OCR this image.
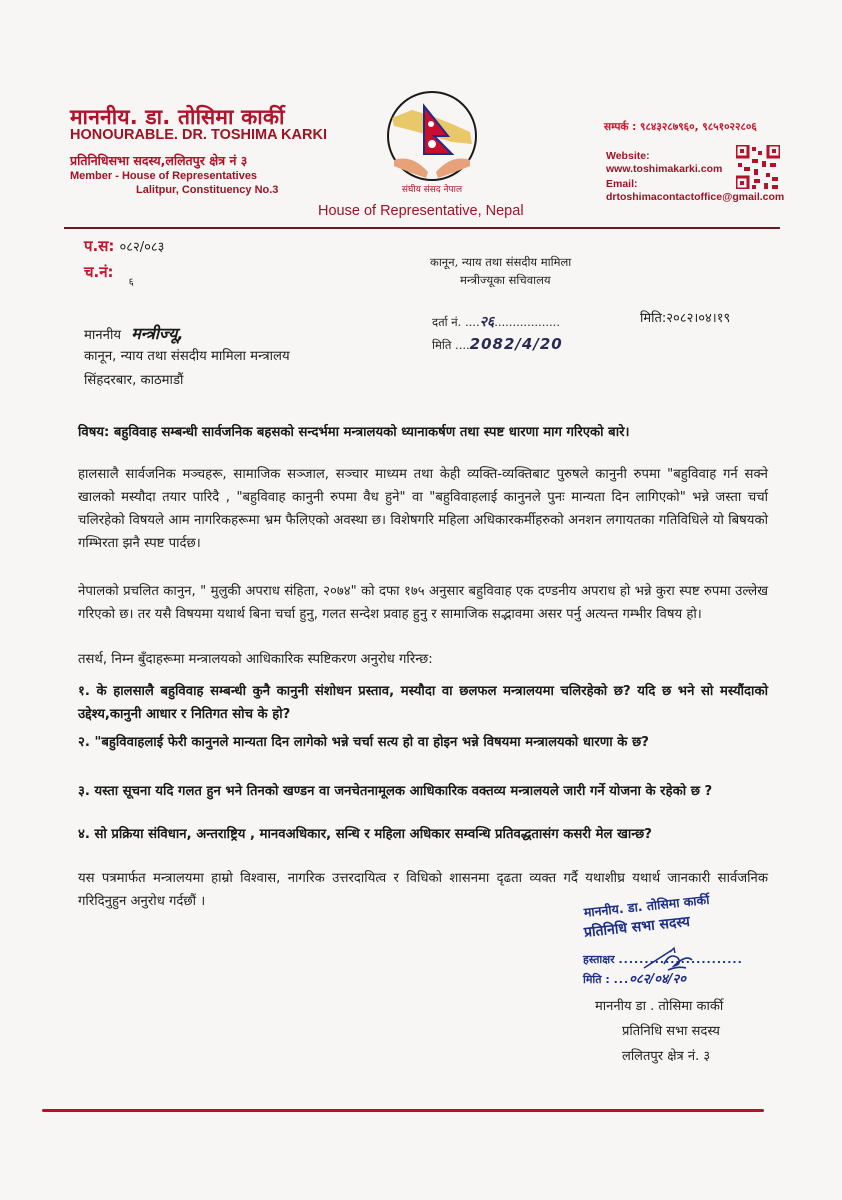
माननीय. डा. तोसिमा कार्की
HONOURABLE. DR. TOSHIMA KARKI
प्रतिनिधिसभा सदस्य,ललितपुर क्षेत्र नं ३
Member - House of Representatives
Lalitpur, Constituency No.3	संघीय संसद नेपाल
House of Representative, Nepal
सम्पर्क : ९८४३२८७९६०, ९८५१०२२८०६
Website:
www.toshimakarki.com
Email:
drtoshimacontactoffice@gmail.com
प.स: ०८२/०८३
च.नं: $_६$
कानून, न्याय तथा संसदीय मामिला
मन्त्रीज्यूका सचिवालय
दर्ता नं. ....२६..................
मिति ....2082/4/20
मिति:२०८२।०४।१९
माननीय मन्त्रीज्यू,
कानून, न्याय तथा संसदीय मामिला मन्त्रालय
सिंहदरबार, काठमाडौं
विषय: बहुविवाह सम्बन्धी सार्वजनिक बहसको सन्दर्भमा मन्त्रालयको ध्यानाकर्षण तथा स्पष्ट धारणा माग गरिएको बारे।
हालसालै सार्वजनिक मञ्चहरू, सामाजिक सञ्जाल, सञ्चार माध्यम तथा केही व्यक्ति-व्यक्तिबाट पुरुषले कानुनी रुपमा "बहुविवाह गर्न सक्ने खालको मस्यौदा तयार पारिदै , "बहुविवाह कानुनी रुपमा वैध हुने" वा "बहुविवाहलाई कानुनले पुनः मान्यता दिन लागिएको" भन्ने जस्ता चर्चा चलिरहेको विषयले आम नागरिकहरूमा भ्रम फैलिएको अवस्था छ। विशेषगरि महिला अधिकारकर्मीहरुको अनशन लगायतका गतिविधिले यो बिषयको गम्भिरता झनै स्पष्ट पार्दछ।
नेपालको प्रचलित कानुन, " मुलुकी अपराध संहिता, २०७४" को दफा १७५ अनुसार बहुविवाह एक दण्डनीय अपराध हो भन्ने कुरा स्पष्ट रुपमा उल्लेख गरिएको छ। तर यसै विषयमा यथार्थ बिना चर्चा हुनु, गलत सन्देश प्रवाह हुनु र सामाजिक सद्भावमा असर पर्नु अत्यन्त गम्भीर विषय हो।
तसर्थ, निम्न बुँदाहरूमा मन्त्रालयको आधिकारिक स्पष्टिकरण अनुरोध गरिन्छ:
१. के हालसालै बहुविवाह सम्बन्धी कुनै कानुनी संशोधन प्रस्ताव, मस्यौदा वा छलफल मन्त्रालयमा चलिरहेको छ? यदि छ भने सो मस्यौंदाको उद्देश्य,कानुनी आधार र नितिगत सोच के हो?
२. "बहुविवाहलाई फेरी कानुनले मान्यता दिन लागेको भन्ने चर्चा सत्य हो वा होइन भन्ने विषयमा मन्त्रालयको धारणा के छ?
३. यस्ता सूचना यदि गलत हुन भने तिनको खण्डन वा जनचेतनामूलक आधिकारिक वक्तव्य मन्त्रालयले जारी गर्ने योजना के रहेको छ ?
४. सो प्रक्रिया संविधान, अन्तराष्ट्रिय , मानवअधिकार, सन्धि र महिला अधिकार सम्वन्धि प्रतिवद्धतासंग कसरी मेल खान्छ?
यस पत्रमार्फत मन्त्रालयमा हाम्रो विश्वास, नागरिक उत्तरदायित्व र विधिको शासनमा दृढता व्यक्त गर्दै यथाशीघ्र यथार्थ जानकारी सार्वजनिक गरिदिनुहुन अनुरोध गर्दछौं ।	माननीय. डा. तोसिमा कार्की
प्रतिनिधि सभा सदस्य
हस्ताक्षर ........................
मिति : ...०८२/०४/२०
माननीय डा . तोसिमा कार्की
प्रतिनिधि सभा सदस्य
ललितपुर क्षेत्र नं. ३
